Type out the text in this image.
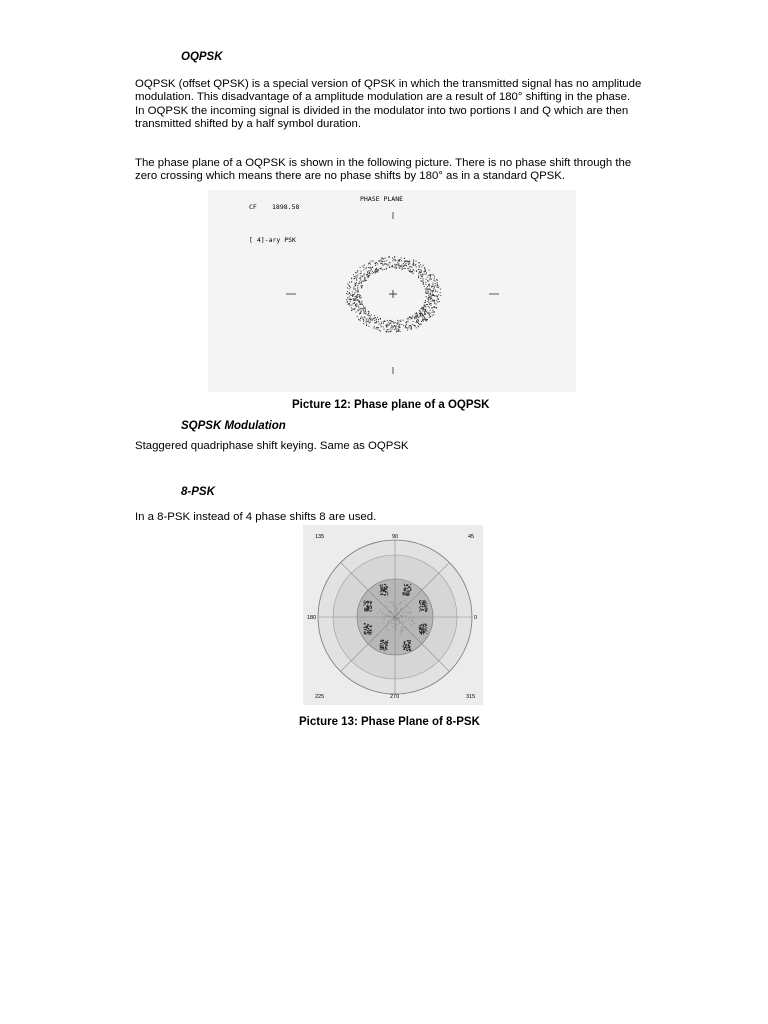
OQPSK

OQPSK (offset QPSK) is a special version of QPSK in which the transmitted signal has no amplitude modulation. This disadvantage of a amplitude modulation are a result of 180° shifting in the phase.

In OQPSK the incoming signal is divided in the modulator into two portions I and Q which are then transmitted shifted by a half symbol duration.

The phase plane of a OQPSK is shown in the following picture. There is no phase shift through the zero crossing which means there are no phase shifts by 180° as in a standard QPSK.
PHASE PLANE
CF 1898.58
[ 4]-ary PSK
Picture 12: Phase plane of a OQPSK
SQPSK Modulation
Staggered quadriphase shift keying. Same as OQPSK
8-PSK
In a 8-PSK instead of 4 phase shifts 8 are used.
135	90	45
180	0
225	270	315
Picture 13: Phase Plane of 8-PSK
